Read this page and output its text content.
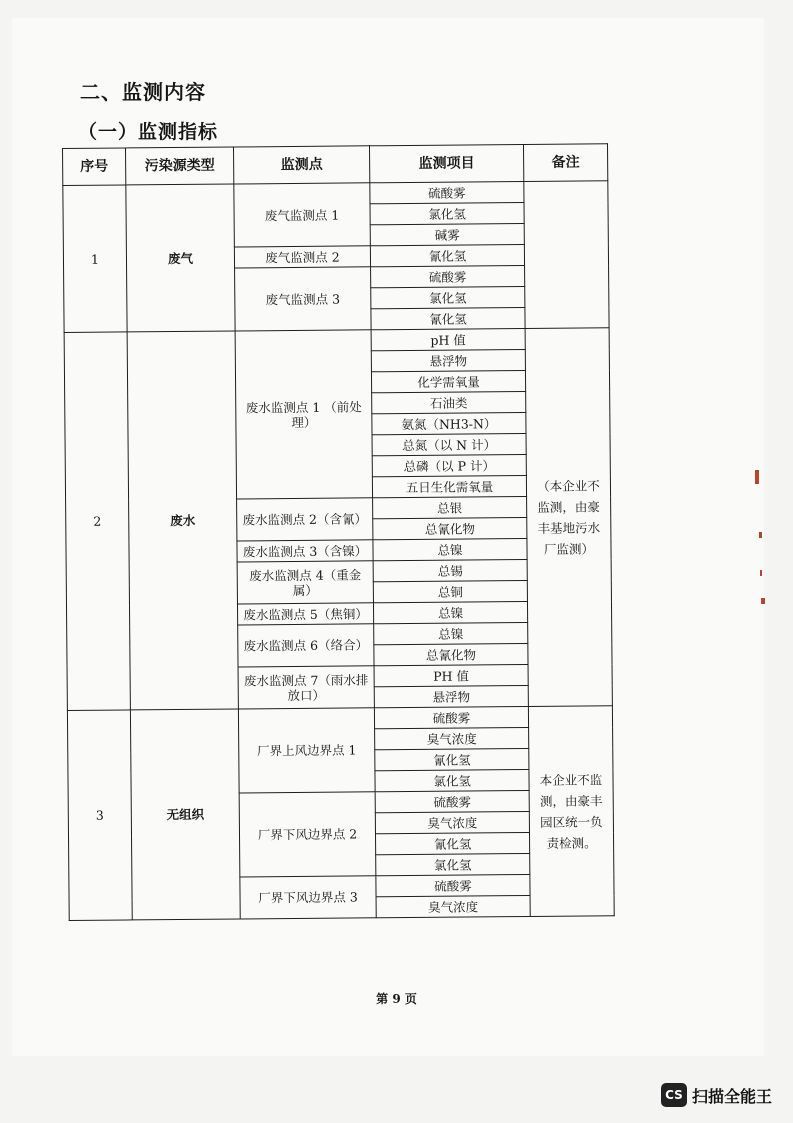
二、监测内容
（一）监测指标
序号	污染源类型	监测点	监测项目	备注
1	废气	废气监测点 1	硫酸雾	
			氯化氢	
			碱雾	
		废气监测点 2	氰化氢	
		废气监测点 3	硫酸雾	
			氯化氢	
			氰化氢	
2	废水	废水监测点 1 （前处理）	pH 值	（本企业不监测，由豪丰基地污水厂监测）
			悬浮物	
			化学需氧量	
			石油类	
			氨氮（NH3-N）	
			总氮（以 N 计）	
			总磷（以 P 计）	
			五日生化需氧量	
		废水监测点 2（含氰）	总银	
			总氰化物	
		废水监测点 3（含镍）	总镍	
		废水监测点 4（重金属）	总锡	
			总铜	
		废水监测点 5（焦铜）	总镍	
		废水监测点 6（络合）	总镍	
			总氰化物	
		废水监测点 7（雨水排放口）	PH 值	
			悬浮物	
3	无组织	厂界上风边界点 1	硫酸雾	本企业不监测，由豪丰园区统一负责检测。
			臭气浓度	
			氰化氢	
			氯化氢	
		厂界下风边界点 2	硫酸雾	
			臭气浓度	
			氰化氢	
			氯化氢	
		厂界下风边界点 3	硫酸雾	
			臭气浓度	
第 9 页
CS 扫描全能王
